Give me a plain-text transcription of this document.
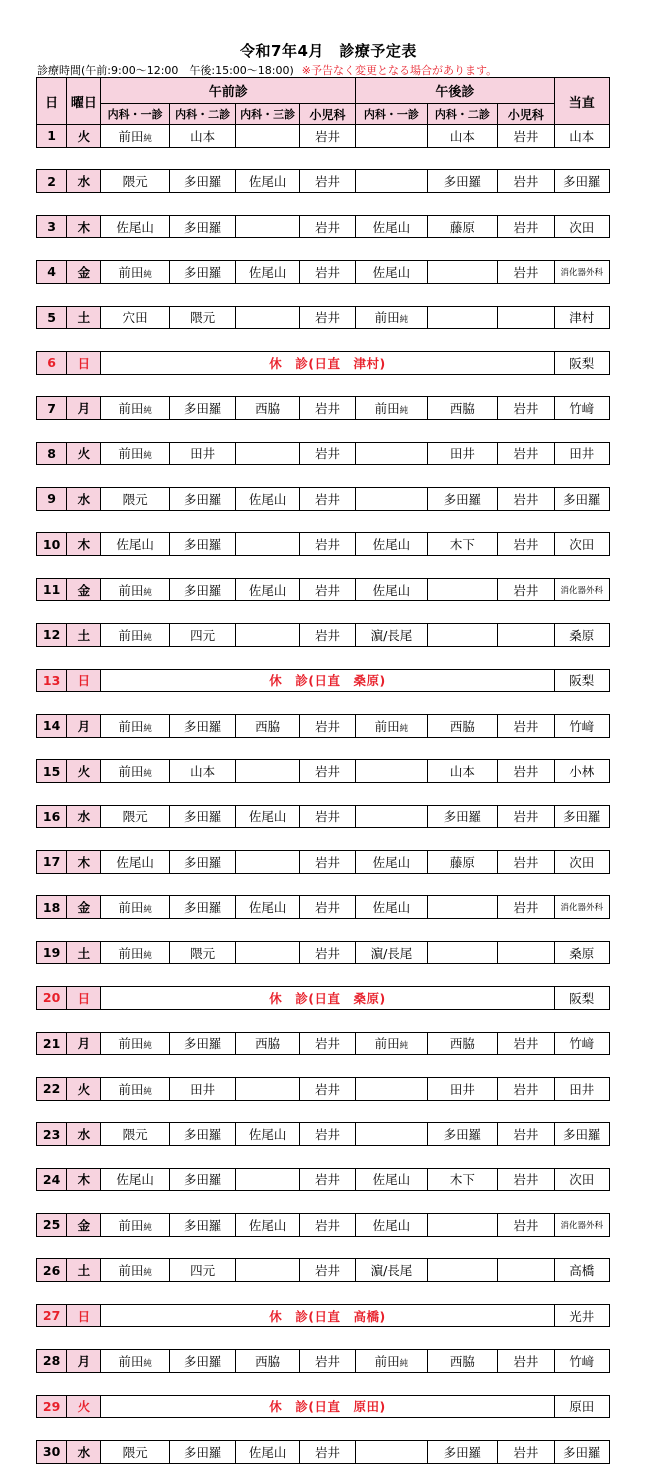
令和7年4月　診療予定表
診療時間(午前:9:00～12:00　午後:15:00～18:00) ※予告なく変更となる場合があります。
日	曜日	午前診				午後診			当直
		内科・一診	内科・二診	内科・三診	小児科	内科・一診	内科・二診	小児科	
1	火	前田純	山本		岩井		山本	岩井	山本

2	水	隈元	多田羅	佐尾山	岩井		多田羅	岩井	多田羅

3	木	佐尾山	多田羅		岩井	佐尾山	藤原	岩井	次田

4	金	前田純	多田羅	佐尾山	岩井	佐尾山		岩井	消化器外科

5	土	穴田	隈元		岩井	前田純			津村

6	日	休　診(日直　津村)							阪梨

7	月	前田純	多田羅	西脇	岩井	前田純	西脇	岩井	竹﨑

8	火	前田純	田井		岩井		田井	岩井	田井

9	水	隈元	多田羅	佐尾山	岩井		多田羅	岩井	多田羅

10	木	佐尾山	多田羅		岩井	佐尾山	木下	岩井	次田

11	金	前田純	多田羅	佐尾山	岩井	佐尾山		岩井	消化器外科

12	土	前田純	四元		岩井	濵/長尾			桑原

13	日	休　診(日直　桑原)							阪梨

14	月	前田純	多田羅	西脇	岩井	前田純	西脇	岩井	竹﨑

15	火	前田純	山本		岩井		山本	岩井	小林

16	水	隈元	多田羅	佐尾山	岩井		多田羅	岩井	多田羅

17	木	佐尾山	多田羅		岩井	佐尾山	藤原	岩井	次田

18	金	前田純	多田羅	佐尾山	岩井	佐尾山		岩井	消化器外科

19	土	前田純	隈元		岩井	濵/長尾			桑原

20	日	休　診(日直　桑原)							阪梨

21	月	前田純	多田羅	西脇	岩井	前田純	西脇	岩井	竹﨑

22	火	前田純	田井		岩井		田井	岩井	田井

23	水	隈元	多田羅	佐尾山	岩井		多田羅	岩井	多田羅

24	木	佐尾山	多田羅		岩井	佐尾山	木下	岩井	次田

25	金	前田純	多田羅	佐尾山	岩井	佐尾山		岩井	消化器外科

26	土	前田純	四元		岩井	濵/長尾			高橋

27	日	休　診(日直　高橋)							光井

28	月	前田純	多田羅	西脇	岩井	前田純	西脇	岩井	竹﨑

29	火	休　診(日直　原田)							原田

30	水	隈元	多田羅	佐尾山	岩井		多田羅	岩井	多田羅
